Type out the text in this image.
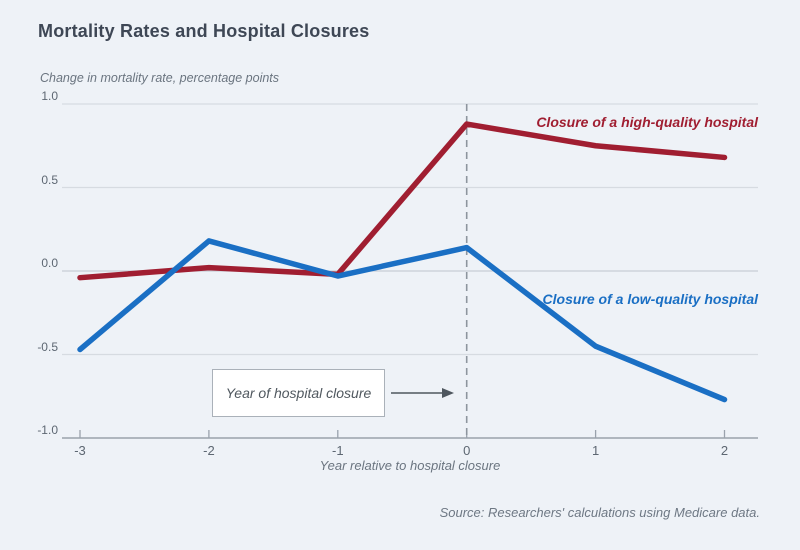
Mortality Rates and Hospital Closures
Change in mortality rate, percentage points
1.0
0.5
0.0
-0.5
-1.0
-3	-2	-1	0	1	2
Year relative to hospital closure
Closure of a high-quality hospital
Closure of a low-quality hospital
Year of hospital closure
Source: Researchers' calculations using Medicare data.
